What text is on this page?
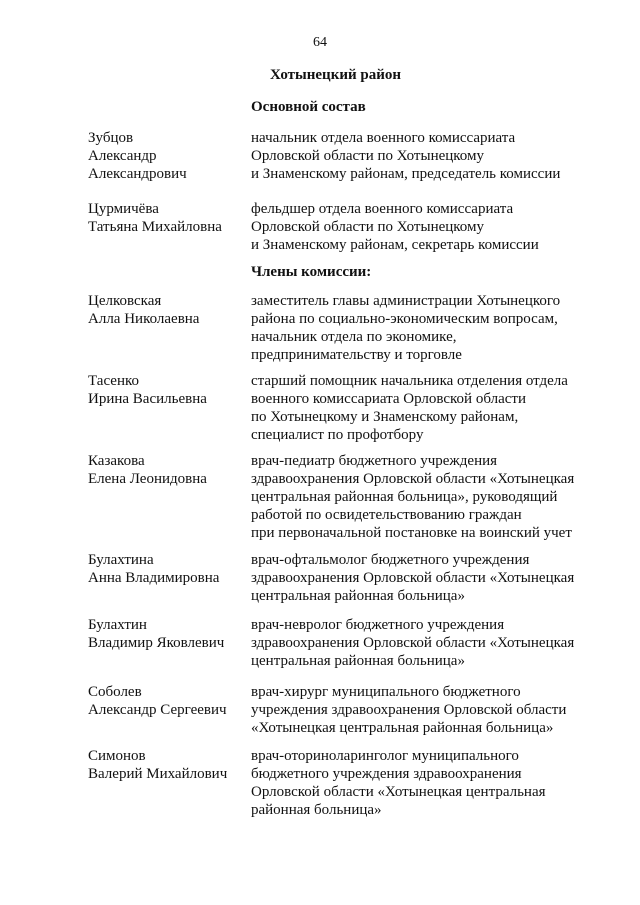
64
Хотынецкий район
Основной состав
Зубцов
Александр
Александрович
начальник отдела военного комиссариата
Орловской области по Хотынецкому
и Знаменскому районам, председатель комиссии
Цурмичёва
Татьяна Михайловна
фельдшер отдела военного комиссариата
Орловской области по Хотынецкому
и Знаменскому районам, секретарь комиссии
Члены комиссии:
Целковская
Алла Николаевна
заместитель главы администрации Хотынецкого
района по социально-экономическим вопросам,
начальник отдела по экономике,
предпринимательству и торговле
Тасенко
Ирина Васильевна
старший помощник начальника отделения отдела
военного комиссариата Орловской области
по Хотынецкому и Знаменскому районам,
специалист по профотбору
Казакова
Елена Леонидовна
врач-педиатр бюджетного учреждения
здравоохранения Орловской области «Хотынецкая
центральная районная больница», руководящий
работой по освидетельствованию граждан
при первоначальной постановке на воинский учет
Булахтина
Анна Владимировна
врач-офтальмолог бюджетного учреждения
здравоохранения Орловской области «Хотынецкая
центральная районная больница»
Булахтин
Владимир Яковлевич
врач-невролог бюджетного учреждения
здравоохранения Орловской области «Хотынецкая
центральная районная больница»
Соболев
Александр Сергеевич
врач-хирург муниципального бюджетного
учреждения здравоохранения Орловской области
«Хотынецкая центральная районная больница»
Симонов
Валерий Михайлович
врач-оториноларинголог муниципального
бюджетного учреждения здравоохранения
Орловской области «Хотынецкая центральная
районная больница»
